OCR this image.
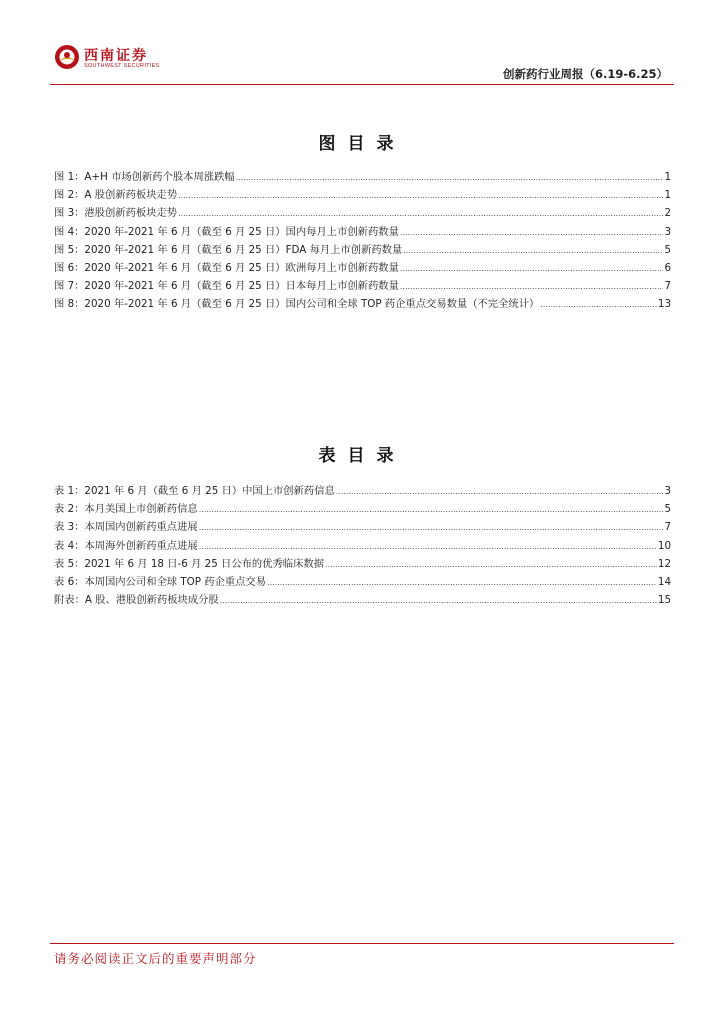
西南证券
SOUTHWEST SECURITIES
创新药行业周报（6.19-6.25）
图目录
图 1：A+H 市场创新药个股本周涨跌幅 .....	1
图 2：A 股创新药板块走势 .....	1
图 3：港股创新药板块走势 .....	2
图 4：2020 年-2021 年 6 月（截至 6 月 25 日）国内每月上市创新药数量 .....	3
图 5：2020 年-2021 年 6 月（截至 6 月 25 日）FDA 每月上市创新药数量 .....	5
图 6：2020 年-2021 年 6 月（截至 6 月 25 日）欧洲每月上市创新药数量 .....	6
图 7：2020 年-2021 年 6 月（截至 6 月 25 日）日本每月上市创新药数量 .....	7
图 8：2020 年-2021 年 6 月（截至 6 月 25 日）国内公司和全球 TOP 药企重点交易数量（不完全统计） .....	13
表目录
表 1：2021 年 6 月（截至 6 月 25 日）中国上市创新药信息 .....	3
表 2：本月美国上市创新药信息 .....	5
表 3：本周国内创新药重点进展 .....	7
表 4：本周海外创新药重点进展 .....	10
表 5：2021 年 6 月 18 日-6 月 25 日公布的优秀临床数据 .....	12
表 6：本周国内公司和全球 TOP 药企重点交易 .....	14
附表：A 股、港股创新药板块成分股 .....	15
请务必阅读正文后的重要声明部分
